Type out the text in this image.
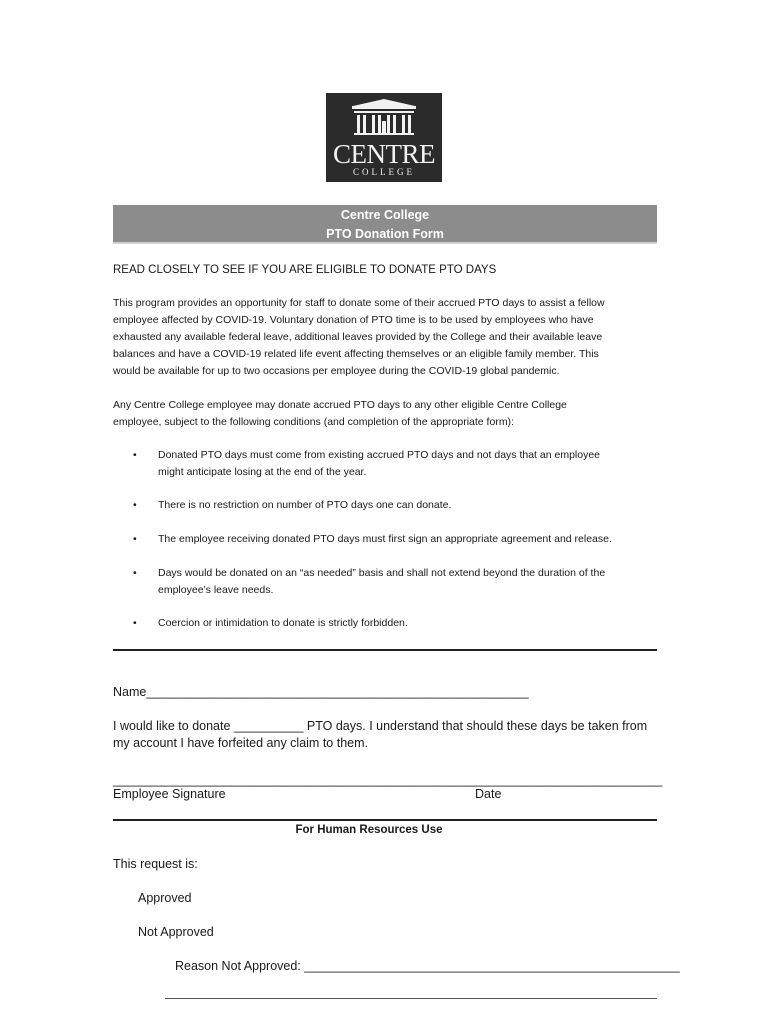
CENTRE
COLLEGE
Centre College
PTO Donation Form
READ CLOSELY TO SEE IF YOU ARE ELIGIBLE TO DONATE PTO DAYS
This program provides an opportunity for staff to donate some of their accrued PTO days to assist a fellow
employee affected by COVID-19. Voluntary donation of PTO time is to be used by employees who have
exhausted any available federal leave, additional leaves provided by the College and their available leave
balances and have a COVID-19 related life event affecting themselves or an eligible family member. This
would be available for up to two occasions per employee during the COVID-19 global pandemic.
Any Centre College employee may donate accrued PTO days to any other eligible Centre College
employee, subject to the following conditions (and completion of the appropriate form):
• Donated PTO days must come from existing accrued PTO days and not days that an employee
might anticipate losing at the end of the year.
• There is no restriction on number of PTO days one can donate.
• The employee receiving donated PTO days must first sign an appropriate agreement and release.
• Days would be donated on an “as needed” basis and shall not extend beyond the duration of the
employee’s leave needs.
• Coercion or intimidation to donate is strictly forbidden.
Name_______________________________________________________
I would like to donate __________ PTO days. I understand that should these days be taken from
my account I have forfeited any claim to them.
_______________________________________________________________________________
Employee Signature	Date
For Human Resources Use
This request is:
Approved
Not Approved
Reason Not Approved: ______________________________________________________
